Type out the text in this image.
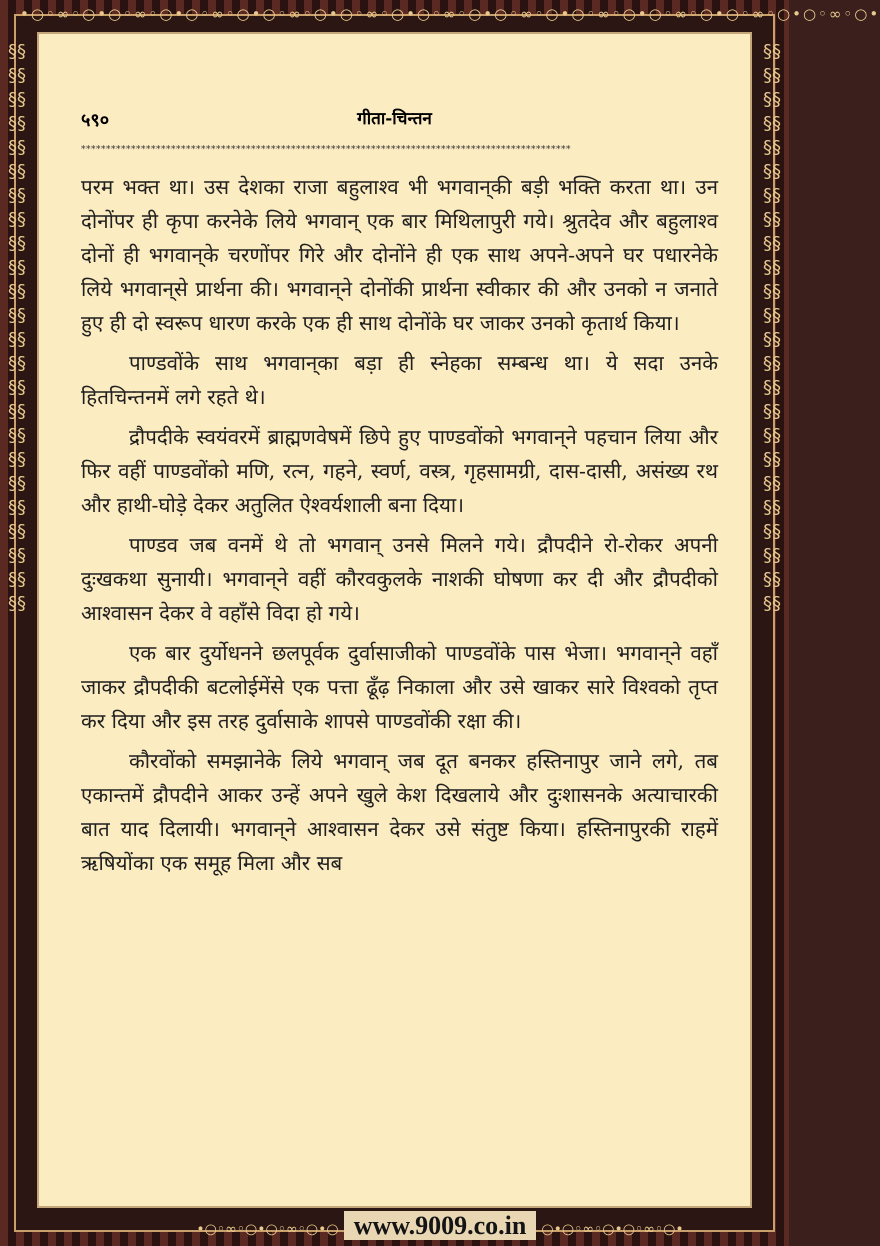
•○◦∞◦○•○◦∞◦○•○◦∞◦○•○◦∞◦○•○◦∞◦○•○◦∞◦○•○◦∞◦○•○◦∞◦○•○◦∞◦○•○◦∞◦○•○◦∞◦○•
§§§§§§§§§§§§§§§§§§§§§§§§§§§§§§§§§§§§§§§§§§§§§§§§
§§§§§§§§§§§§§§§§§§§§§§§§§§§§§§§§§§§§§§§§§§§§§§§§
५९०	गीता-चिन्तन
**************************************************************************************************

परम भक्त था। उस देशका राजा बहुलाश्व भी भगवान्‌की बड़ी भक्ति करता था। उन दोनोंपर ही कृपा करनेके लिये भगवान् एक बार मिथिलापुरी गये। श्रुतदेव और बहुलाश्व दोनों ही भगवान्‌के चरणोंपर गिरे और दोनोंने ही एक साथ अपने-अपने घर पधारनेके लिये भगवान्‌से प्रार्थना की। भगवान्‌ने दोनोंकी प्रार्थना स्वीकार की और उनको न जनाते हुए ही दो स्वरूप धारण करके एक ही साथ दोनोंके घर जाकर उनको कृतार्थ किया।

पाण्डवोंके साथ भगवान्‌का बड़ा ही स्नेहका सम्बन्ध था। ये सदा उनके हितचिन्तनमें लगे रहते थे।

द्रौपदीके स्वयंवरमें ब्राह्मणवेषमें छिपे हुए पाण्डवोंको भगवान्‌ने पहचान लिया और फिर वहीं पाण्डवोंको मणि, रत्न, गहने, स्वर्ण, वस्त्र, गृहसामग्री, दास-दासी, असंख्य रथ और हाथी-घोड़े देकर अतुलित ऐश्वर्यशाली बना दिया।

पाण्डव जब वनमें थे तो भगवान् उनसे मिलने गये। द्रौपदीने रो-रोकर अपनी दुःखकथा सुनायी। भगवान्‌ने वहीं कौरवकुलके नाशकी घोषणा कर दी और द्रौपदीको आश्वासन देकर वे वहाँसे विदा हो गये।

एक बार दुर्योधनने छलपूर्वक दुर्वासाजीको पाण्डवोंके पास भेजा। भगवान्‌ने वहाँ जाकर द्रौपदीकी बटलोईमेंसे एक पत्ता ढूँढ़ निकाला और उसे खाकर सारे विश्वको तृप्त कर दिया और इस तरह दुर्वासाके शापसे पाण्डवोंकी रक्षा की।

कौरवोंको समझानेके लिये भगवान् जब दूत बनकर हस्तिनापुर जाने लगे, तब एकान्तमें द्रौपदीने आकर उन्हें अपने खुले केश दिखलाये और दुःशासनके अत्याचारकी बात याद दिलायी। भगवान्‌ने आश्वासन देकर उसे संतुष्ट किया। हस्तिनापुरकी राहमें ऋषियोंका एक समूह मिला और सब

•○◦∞◦○•○◦∞◦○•○ www.9009.co.in ○•○◦∞◦○•○◦∞◦○•
